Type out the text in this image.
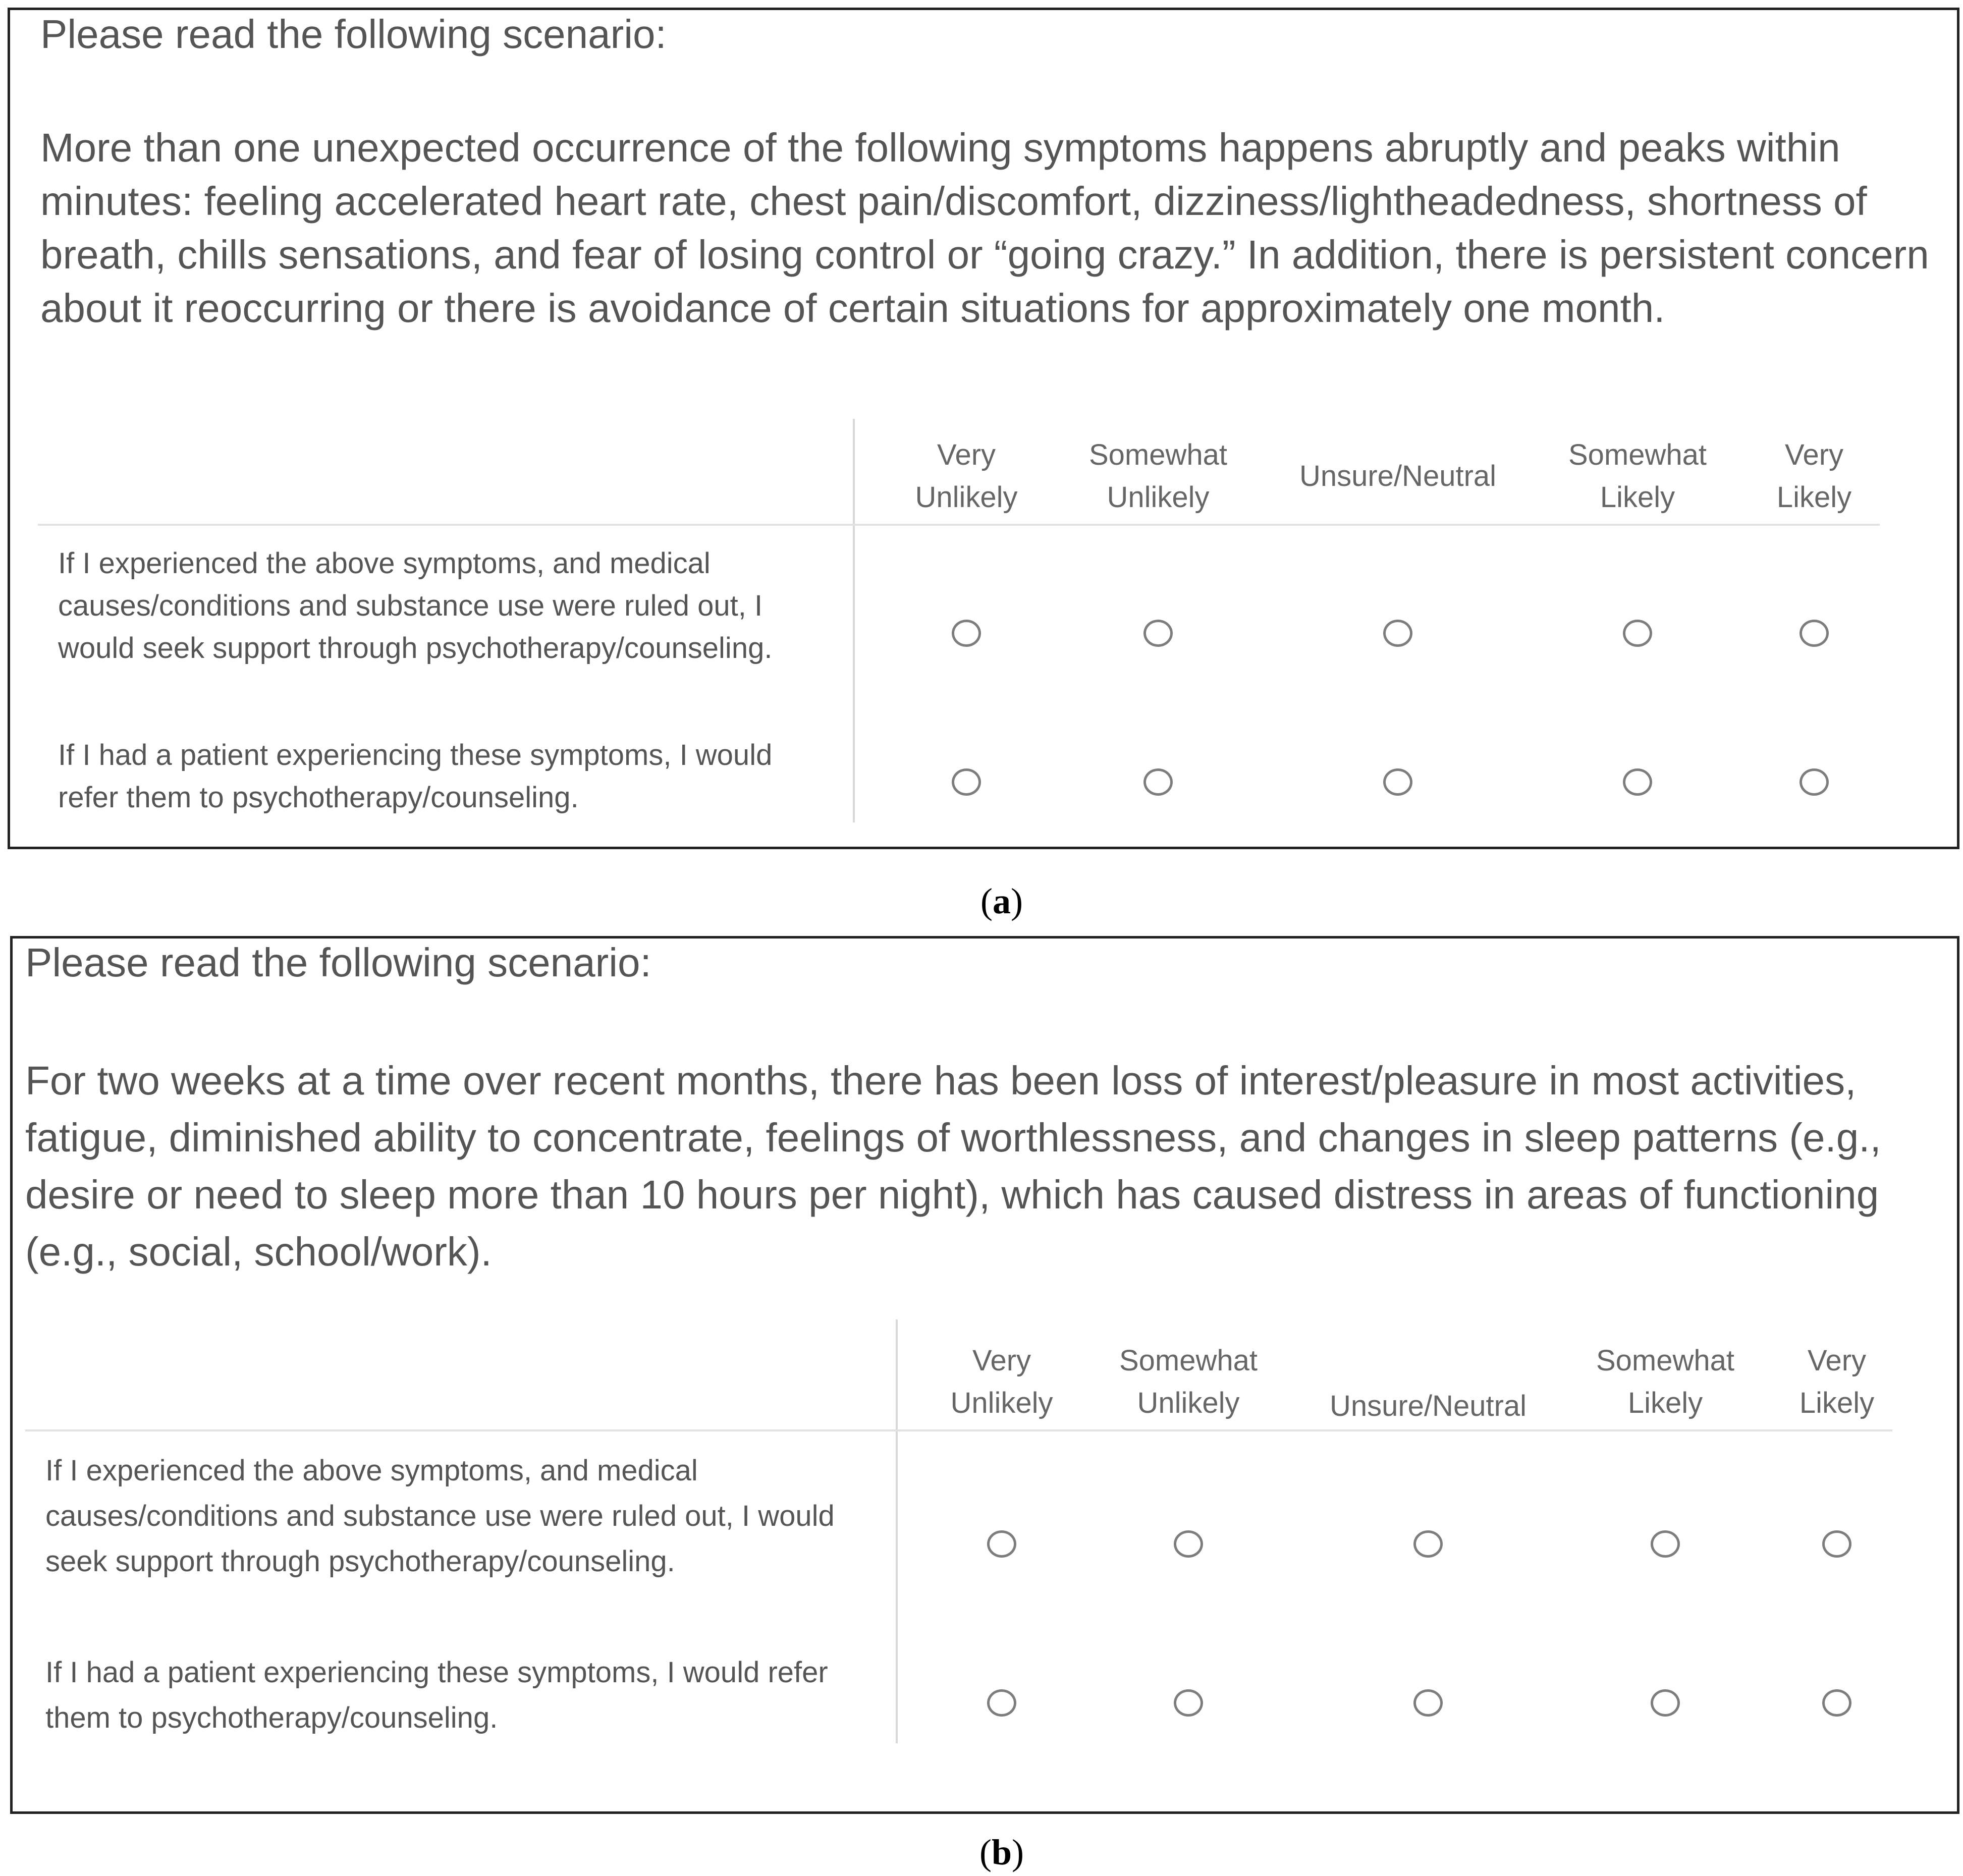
Please read the following scenario:

More than one unexpected occurrence of the following symptoms happens abruptly and peaks within minutes: feeling accelerated heart rate, chest pain/discomfort, dizziness/lightheadedness, shortness of breath, chills sensations, and fear of losing control or “going crazy.” In addition, there is persistent concern about it reoccurring or there is avoidance of certain situations for approximately one month.

Very
Unlikely
Somewhat
Unlikely
Unsure/Neutral
Somewhat
Likely
Very
Likely

If I experienced the above symptoms, and medical causes/conditions and substance use were ruled out, I would seek support through psychotherapy/counseling.

If I had a patient experiencing these symptoms, I would refer them to psychotherapy/counseling.

(a)
Please read the following scenario:

For two weeks at a time over recent months, there has been loss of interest/pleasure in most activities, fatigue, diminished ability to concentrate, feelings of worthlessness, and changes in sleep patterns (e.g., desire or need to sleep more than 10 hours per night), which has caused distress in areas of functioning (e.g., social, school/work).

Very
Unlikely
Somewhat
Unlikely	Unsure/Neutral
Somewhat
Likely
Very
Likely

If I experienced the above symptoms, and medical causes/conditions and substance use were ruled out, I would seek support through psychotherapy/counseling.

If I had a patient experiencing these symptoms, I would refer them to psychotherapy/counseling.

(b)
